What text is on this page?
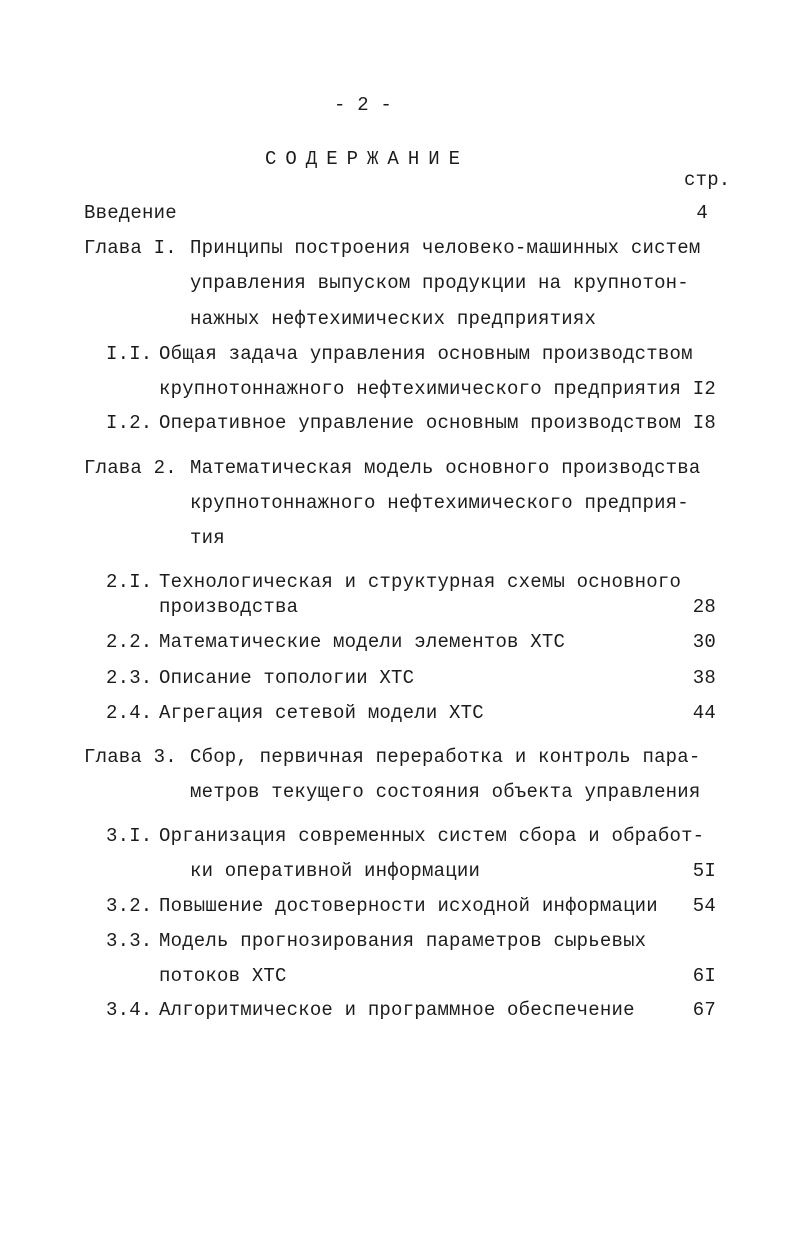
- 2 -
СОДЕРЖАНИЕ
стр.
Введение	4
Глава I. Принципы построения человеко-машинных систем
управления выпуском продукции на крупнотон-
нажных нефтехимических предприятиях
I.I. Общая задача управления основным производством
крупнотоннажного нефтехимического предприятия I2
I.2. Оперативное управление основным производством I8
Глава 2. Математическая модель основного производства
крупнотоннажного нефтехимического предприя-
тия
2.I. Технологическая и структурная схемы основного
производства	28
2.2. Математические модели элементов ХТС	30
2.3. Описание топологии ХТС	38
2.4. Агрегация сетевой модели ХТС	44
Глава 3. Сбор, первичная переработка и контроль пара-
метров текущего состояния объекта управления
3.I. Организация современных систем сбора и обработ-
ки оперативной информации	5I
3.2. Повышение достоверности исходной информации	54
3.3. Модель прогнозирования параметров сырьевых
потоков ХТС	6I
3.4. Алгоритмическое и программное обеспечение	67
